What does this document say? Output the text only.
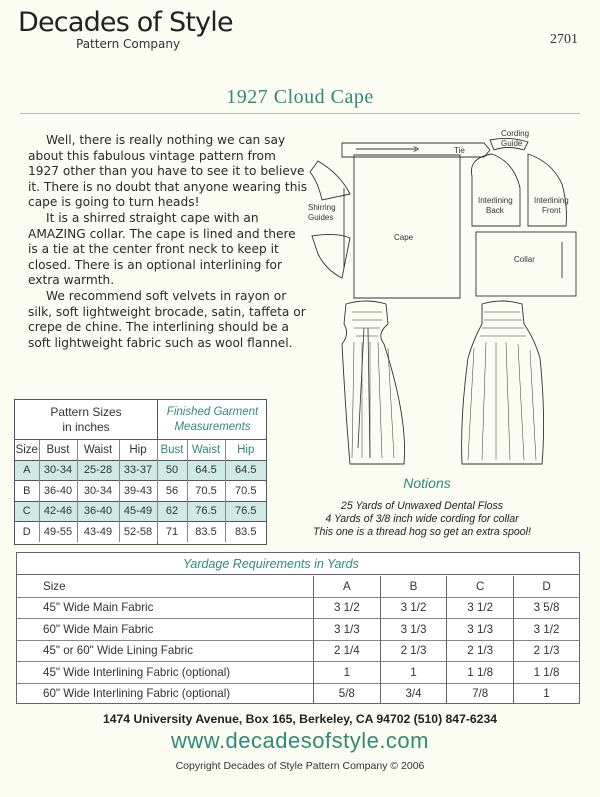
Decades of Style
Pattern Company	2701
1927 Cloud Cape

Well, there is really nothing we can say about this fabulous vintage pattern from 1927 other than you have to see it to believe it. There is no doubt that anyone wearing this cape is going to turn heads!

It is a shirred straight cape with an AMAZING collar. The cape is lined and there is a tie at the center front neck to keep it closed. There is an optional interlining for extra warmth.

We recommend soft velvets in rayon or silk, soft lightweight brocade, satin, taffeta or crepe de chine. The interlining should be a soft lightweight fabric such as wool flannel.

Tie
Cording
Guide
Shirring
Guides
Cape
Interlining
Back
Interlining
Front
Collar
Pattern Sizes
in inches
Finished Garment
Measurements
Size	Bust	Waist	Hip	Bust	Waist	Hip
A	30-34	25-28	33-37	50	64.5	64.5
B	36-40	30-34	39-43	56	70.5	70.5
C	42-46	36-40	45-49	62	76.5	76.5
D	49-55	43-49	52-58	71	83.5	83.5
Notions
25 Yards of Unwaxed Dental Floss
4 Yards of 3/8 inch wide cording for collar
This one is a thread hog so get an extra spool!
Yardage Requirements in Yards
Size	A	B	C	D
45" Wide Main Fabric	3 1/2	3 1/2	3 1/2	3 5/8
60" Wide Main Fabric	3 1/3	3 1/3	3 1/3	3 1/2
45" or 60" Wide Lining Fabric	2 1/4	2 1/3	2 1/3	2 1/3
45" Wide Interlining Fabric (optional)	1	1	1 1/8	1 1/8
60" Wide Interlining Fabric (optional)	5/8	3/4	7/8	1
1474 University Avenue, Box 165, Berkeley, CA 94702 (510) 847-6234
www.decadesofstyle.com
Copyright Decades of Style Pattern Company © 2006
